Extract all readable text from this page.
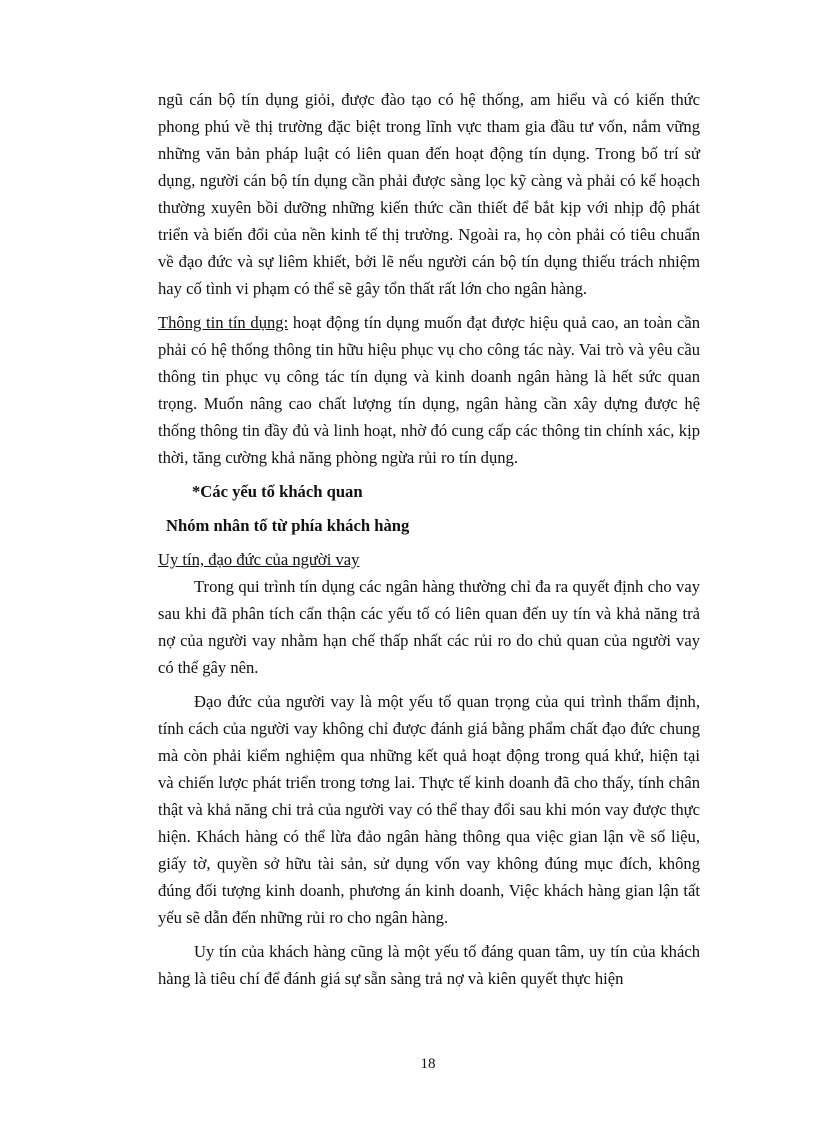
ngũ cán bộ tín dụng giỏi, được đào tạo có hệ thống, am hiểu và có kiến thức phong phú về thị trường đặc biệt trong lĩnh vực tham gia đầu tư vốn, nắm vững những văn bản pháp luật có liên quan đến hoạt động tín dụng. Trong bố trí sử dụng, người cán bộ tín dụng cần phải được sàng lọc kỹ càng và phải có kế hoạch thường xuyên bồi dưỡng những kiến thức cần thiết để bắt kịp với nhịp độ phát triển và biến đổi của nền kinh tế thị trường. Ngoài ra, họ còn phải có tiêu chuẩn về đạo đức và sự liêm khiết, bởi lẽ nếu người cán bộ tín dụng thiếu trách nhiệm hay cố tình vi phạm có thể sẽ gây tổn thất rất lớn cho ngân hàng.

Thông tin tín dụng: hoạt động tín dụng muốn đạt được hiệu quả cao, an toàn cần phải có hệ thống thông tin hữu hiệu phục vụ cho công tác này. Vai trò và yêu cầu thông tin phục vụ công tác tín dụng và kinh doanh ngân hàng là hết sức quan trọng. Muốn nâng cao chất lượng tín dụng, ngân hàng cần xây dựng được hệ thống thông tin đầy đủ và linh hoạt, nhờ đó cung cấp các thông tin chính xác, kịp thời, tăng cường khả năng phòng ngừa rủi ro tín dụng.

*Các yếu tố khách quan

Nhóm nhân tố từ phía khách hàng

Uy tín, đạo đức của người vay

Trong qui trình tín dụng các ngân hàng thường chỉ đa ra quyết định cho vay sau khi đã phân tích cẩn thận các yếu tố có liên quan đến uy tín và khả năng trả nợ của người vay nhằm hạn chế thấp nhất các rủi ro do chủ quan của người vay có thể gây nên.

Đạo đức của người vay là một yếu tố quan trọng của qui trình thẩm định, tính cách của người vay không chỉ được đánh giá bằng phẩm chất đạo đức chung mà còn phải kiểm nghiệm qua những kết quả hoạt động trong quá khứ, hiện tại và chiến lược phát triển trong tơng lai. Thực tế kinh doanh đã cho thấy, tính chân thật và khả năng chi trả của người vay có thể thay đổi sau khi món vay được thực hiện. Khách hàng có thể lừa đảo ngân hàng thông qua việc gian lận về số liệu, giấy tờ, quyền sở hữu tài sản, sử dụng vốn vay không đúng mục đích, không đúng đối tượng kinh doanh, phương án kinh doanh, Việc khách hàng gian lận tất yếu sẽ dẫn đến những rủi ro cho ngân hàng.

Uy tín của khách hàng cũng là một yếu tố đáng quan tâm, uy tín của khách hàng là tiêu chí để đánh giá sự sẵn sàng trả nợ và kiên quyết thực hiện

18
